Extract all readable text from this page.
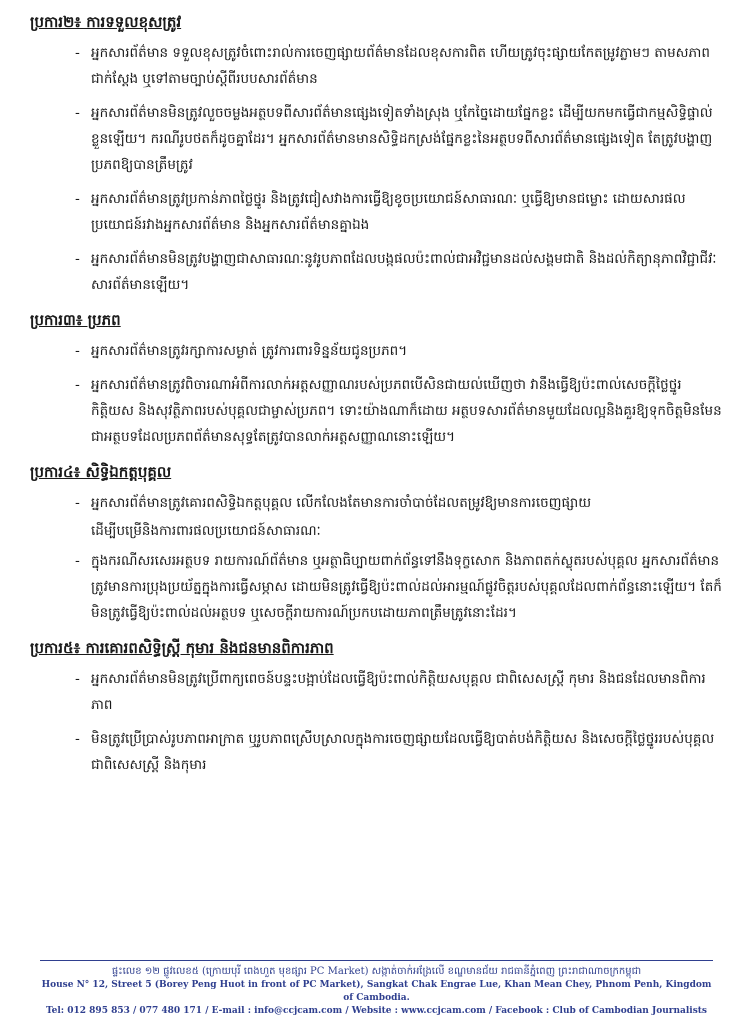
ប្រការ២៖ ការទទួលខុសត្រូវ
- អ្នកសារព័ត៌មាន ទទួលខុសត្រូវចំពោះរាល់ការចេញផ្សាយព័ត៌មានដែលខុសការពិត ហើយត្រូវចុះផ្សាយកែតម្រូវភ្លាមៗ តាមសភាពជាក់ស្តែង ឬទៅតាមច្បាប់ស្តីពីរបបសារព័ត៌មាន
- អ្នកសារព័ត៌មានមិនត្រូវលួចចម្លងអត្ថបទពីសារព័ត៌មានផ្សេងទៀតទាំងស្រុង ឬកែច្នៃដោយផ្នែកខ្លះ ដើម្បីយកមកធ្វើជាកម្មសិទ្ធិផ្ទាល់ខ្លួនឡើយ។ ករណីរូបថតក៏ដូចគ្នាដែរ។ អ្នកសារព័ត៌មានមានសិទ្ធិដកស្រង់ផ្នែកខ្លះនៃអត្ថបទពីសារព័ត៌មានផ្សេងទៀត តែត្រូវបង្ហាញប្រភពឱ្យបានត្រឹមត្រូវ
- អ្នកសារព័ត៌មានត្រូវប្រកាន់ភាពថ្លៃថ្នូរ និងត្រូវជៀសវាងការធ្វើឱ្យខូចប្រយោជន៍សាធារណៈ ឬធ្វើឱ្យមានជម្លោះ ដោយសារផលប្រយោជន៍រវាងអ្នកសារព័ត៌មាន និងអ្នកសារព័ត៌មានគ្នាឯង
- អ្នកសារព័ត៌មានមិនត្រូវបង្ហាញជាសាធារណៈនូវរូបភាពដែលបង្កផលប៉ះពាល់ជាអវិជ្ជមានដល់សង្គមជាតិ និងដល់កិត្យានុភាពវិជ្ជាជីវៈសារព័ត៌មានឡើយ។
ប្រការ៣៖ ប្រភព
- អ្នកសារព័ត៌មានត្រូវរក្សាការសម្ងាត់ ត្រូវការពារទិន្នន័យជូនប្រភព។
- អ្នកសារព័ត៌មានត្រូវពិចារណាអំពីការលាក់អត្តសញ្ញាណរបស់ប្រភពបើសិនជាយល់ឃើញថា វានឹងធ្វើឱ្យប៉ះពាល់សេចក្តីថ្លៃថ្នូរ កិត្តិយស និងសុវត្ថិភាពរបស់បុគ្គលជាម្ចាស់ប្រភព។ ទោះយ៉ាងណាក៏ដោយ អត្ថបទសារព័ត៌មានមួយដែលល្អនិងគួរឱ្យទុកចិត្តមិនមែនជាអត្ថបទដែលប្រភពព័ត៌មានសុទ្ធតែត្រូវបានលាក់អត្តសញ្ញាណនោះឡើយ។
ប្រការ៤៖ សិទ្ធិឯកត្តបុគ្គល
- អ្នកសារព័ត៌មានត្រូវគោរពសិទ្ធិឯកត្តបុគ្គល លើកលែងតែមានការចាំបាច់ដែលតម្រូវឱ្យមានការចេញផ្សាយ
ដើម្បីបម្រើនិងការពារផលប្រយោជន៍សាធារណៈ
- ក្នុងករណីសរសេរអត្ថបទ រាយការណ៍ព័ត៌មាន ឬអត្ថាធិប្បាយពាក់ព័ន្ធទៅនឹងទុក្ខសោក និងភាពតក់ស្លុតរបស់បុគ្គល អ្នកសារព័ត៌មានត្រូវមានការប្រុងប្រយ័ត្នក្នុងការធ្វើសម្ភាស ដោយមិនត្រូវធ្វើឱ្យប៉ះពាល់ដល់អារម្មណ៍ផ្លូវចិត្តរបស់បុគ្គលដែលពាក់ព័ន្ធនោះឡើយ។ តែក៏មិនត្រូវធ្វើឱ្យប៉ះពាល់ដល់អត្ថបទ ឬសេចក្តីរាយការណ៍ប្រកបដោយភាពត្រឹមត្រូវនោះដែរ។
ប្រការ៥៖ ការគោរពសិទ្ធិស្ត្រី កុមារ និងជនមានពិការភាព
- អ្នកសារព័ត៌មានមិនត្រូវប្រើពាក្យពេចន៍បន្ទះបង្អាប់ដែលធ្វើឱ្យប៉ះពាល់កិត្តិយសបុគ្គល ជាពិសេសស្ត្រី កុមារ និងជនដែលមានពិការភាព
- មិនត្រូវប្រើប្រាស់រូបភាពអាក្រាត ឬរូបភាពស្រើបស្រាលក្នុងការចេញផ្សាយដែលធ្វើឱ្យបាត់បង់កិត្តិយស និងសេចក្តីថ្លៃថ្នូររបស់បុគ្គល ជាពិសេសស្ត្រី និងកុមារ
ផ្ទះលេខ ១២ ផ្លូវលេខ៥ (ក្រោយបុរី ពេងហួត មុខផ្សារ PC Market) សង្កាត់ចាក់អង្រែលើ ខណ្ឌមានជ័យ រាជធានីភ្នំពេញ ព្រះរាជាណាចក្រកម្ពុជា
House N° 12, Street 5 (Borey Peng Huot in front of PC Market), Sangkat Chak Engrae Lue, Khan Mean Chey, Phnom Penh, Kingdom of Cambodia.
Tel: 012 895 853 / 077 480 171 / E-mail : info@ccjcam.com / Website : www.ccjcam.com / Facebook : Club of Cambodian Journalists
